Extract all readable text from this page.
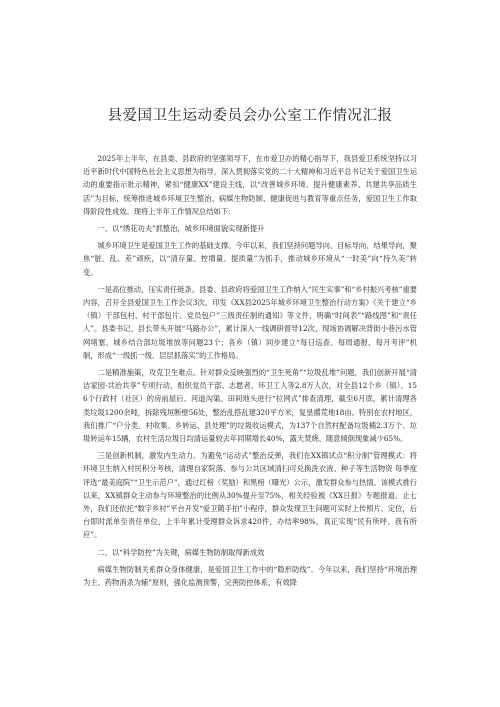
县爱国卫生运动委员会办公室工作情况汇报

2025年上半年，在县委、县政府的坚强领导下，在市爱卫办的精心指导下，我县爱卫系统坚持以习近平新时代中国特色社会主义思想为指导，深入贯彻落实党的二十大精神和习近平总书记关于爱国卫生运动的重要指示批示精神，紧扣“健康XX”建设主线，以“改善城乡环境、提升健康素养、共建共享品质生活”为目标，统筹推进城乡环境卫生整治、病媒生物防制、健康促进与教育等重点任务，爱国卫生工作取得阶段性成效。现将上半年工作情况总结如下：

一、以“绣花功夫”抓整治，城乡环境面貌实现新提升

城乡环境卫生是爱国卫生工作的基础支撑。今年以来，我们坚持问题导向、目标导向、结果导向，聚焦“脏、乱、差”顽疾，以“清存量、控增量、提质量”为抓手，推动城乡环境从“一时美”向“持久美”转变。

一是高位推动，压实责任链条。县委、县政府将爱国卫生工作纳入“民生实事”和“乡村振兴考核”重要内容，召开全县爱国卫生工作会议3次，印发《XX县2025年城乡环境卫生整治行动方案》《关于建立“乡（镇）干部包村、村干部包片、党员包户”三级责任制的通知》等文件，明确“时间表”“路线图”和“责任人”。县委书记、县长带头开展“马路办公”，累计深入一线调研督导12次，现场协调解决背街小巷污水管网堵塞、城乡结合部垃圾堆放等问题23个；各乡（镇）同步建立“每日巡查、每周通报、每月考评”机制，形成“一级抓一级、层层抓落实”的工作格局。

二是精准施策，攻克卫生难点。针对群众反映强烈的“卫生死角”“垃圾乱堆”问题，我们创新开展“清洁家园·共治共享”专项行动，组织党员干部、志愿者、环卫工人等2.8万人次，对全县12个乡（镇）、156个行政村（社区）的房前屋后、河道沟渠、田间地头进行“拉网式”排查清理，截至6月底，累计清理各类垃圾1200余吨，拆除残垣断壁56处，整治乱搭乱建320平方米，复垦撂荒地18亩。特别在农村地区，我们推广“户分类、村收集、乡转运、县处理”的垃圾收运模式，为137个自然村配备垃圾桶2.3万个、垃圾转运车15辆，农村生活垃圾日均清运量较去年同期增长40%，露天焚烧、随意倾倒现象减少65%。

三是创新机制，激发内生动力。为避免“运动式”整治反弹，我们在XX镇试点“积分制”管理模式：将环境卫生纳入村民积分考核，清理自家院落、参与公共区域清扫可兑换洗衣液、种子等生活物资 每季度评选“最美庭院”“卫生示范户”，通过红榜（奖励）和黑榜（曝光）公示，激发群众参与热情。该模式推行以来，XX镇群众主动参与环境整治的比例从30%提升至75%，相关经验被《XX日报》专题报道。止七外，我们还依托“数字乡村”平台开发“爱卫随手拍”小程序，群众发现卫生问题可实时上传照片、定位，后台即时派单至责任单位，上半年累计受理群众诉求420件，办结率98%，真正实现“民有所呼、我有所应”。

二、以“科学防控”为关键，病媒生物防制取得新成效

病媒生物防制关系群众身体健康，是爱国卫生工作中的“隐形防线”。今年以来，我们坚持“环境治理为主、药物消杀为辅”原则，强化监测预警，完善防控体系，有效降
